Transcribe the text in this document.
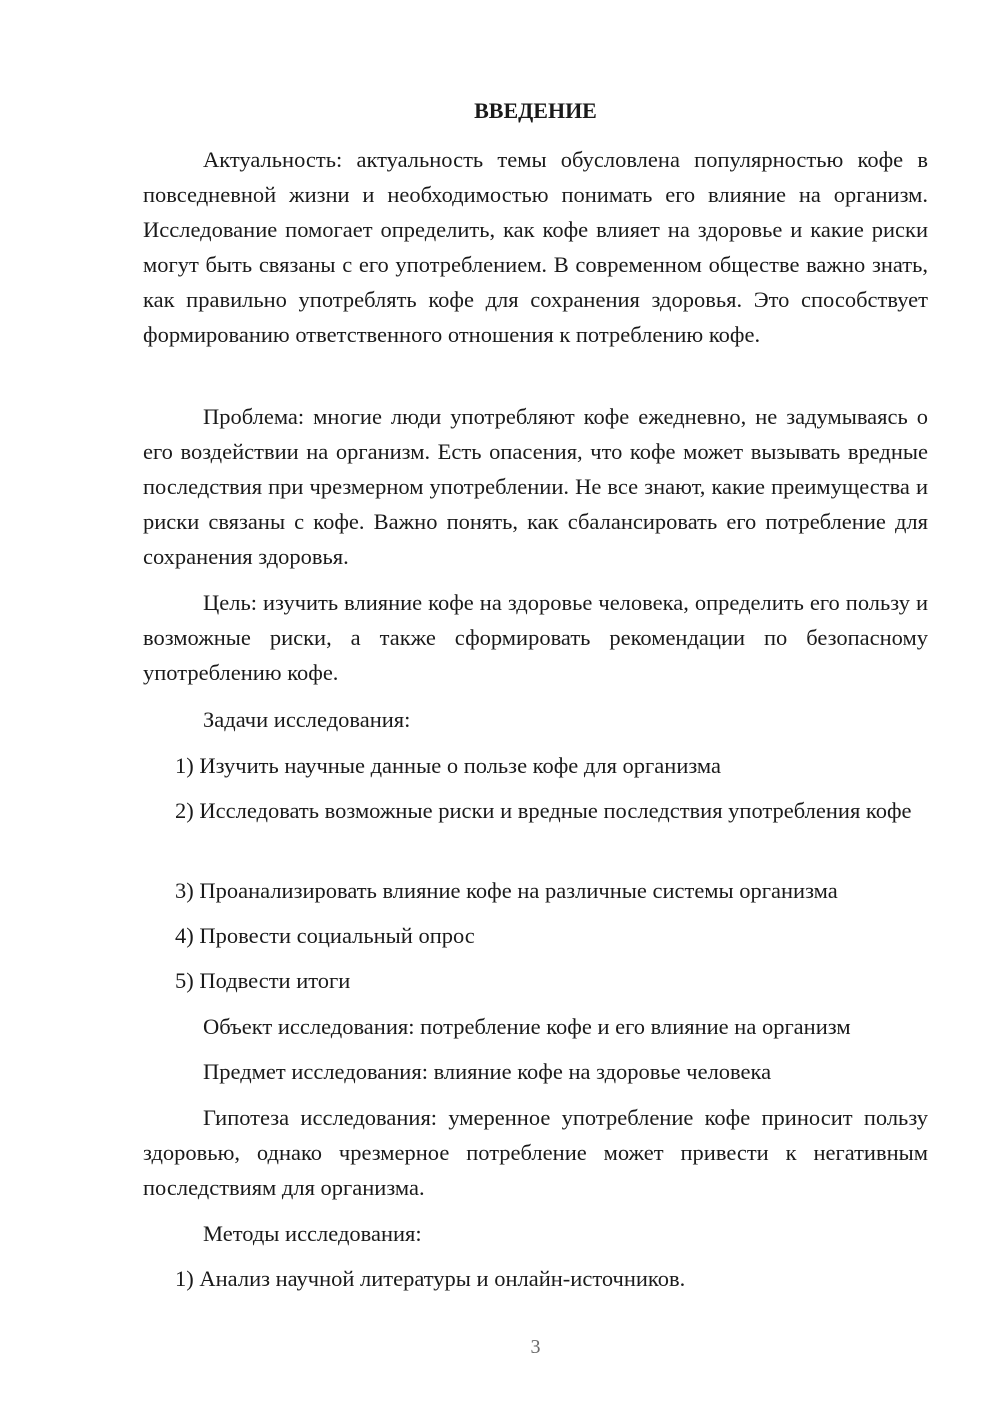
ВВЕДЕНИЕ

Актуальность: актуальность темы обусловлена популярностью кофе в повседневной жизни и необходимостью понимать его влияние на организм. Исследование помогает определить, как кофе влияет на здоровье и какие риски могут быть связаны с его употреблением. В современном обществе важно знать, как правильно употреблять кофе для сохранения здоровья. Это способствует формированию ответственного отношения к потреблению кофе.

Проблема: многие люди употребляют кофе ежедневно, не задумываясь о его воздействии на организм. Есть опасения, что кофе может вызывать вредные последствия при чрезмерном употреблении. Не все знают, какие преимущества и риски связаны с кофе. Важно понять, как сбалансировать его потребление для сохранения здоровья.

Цель: изучить влияние кофе на здоровье человека, определить его пользу и возможные риски, а также сформировать рекомендации по безопасному употреблению кофе.

Задачи исследования:

1) Изучить научные данные о пользе кофе для организма

2) Исследовать возможные риски и вредные последствия употребления кофе

3) Проанализировать влияние кофе на различные системы организма

4) Провести социальный опрос

5) Подвести итоги

Объект исследования: потребление кофе и его влияние на организм

Предмет исследования: влияние кофе на здоровье человека

Гипотеза исследования: умеренное употребление кофе приносит пользу здоровью, однако чрезмерное потребление может привести к негативным последствиям для организма.

Методы исследования:

1) Анализ научной литературы и онлайн-источников.

3
